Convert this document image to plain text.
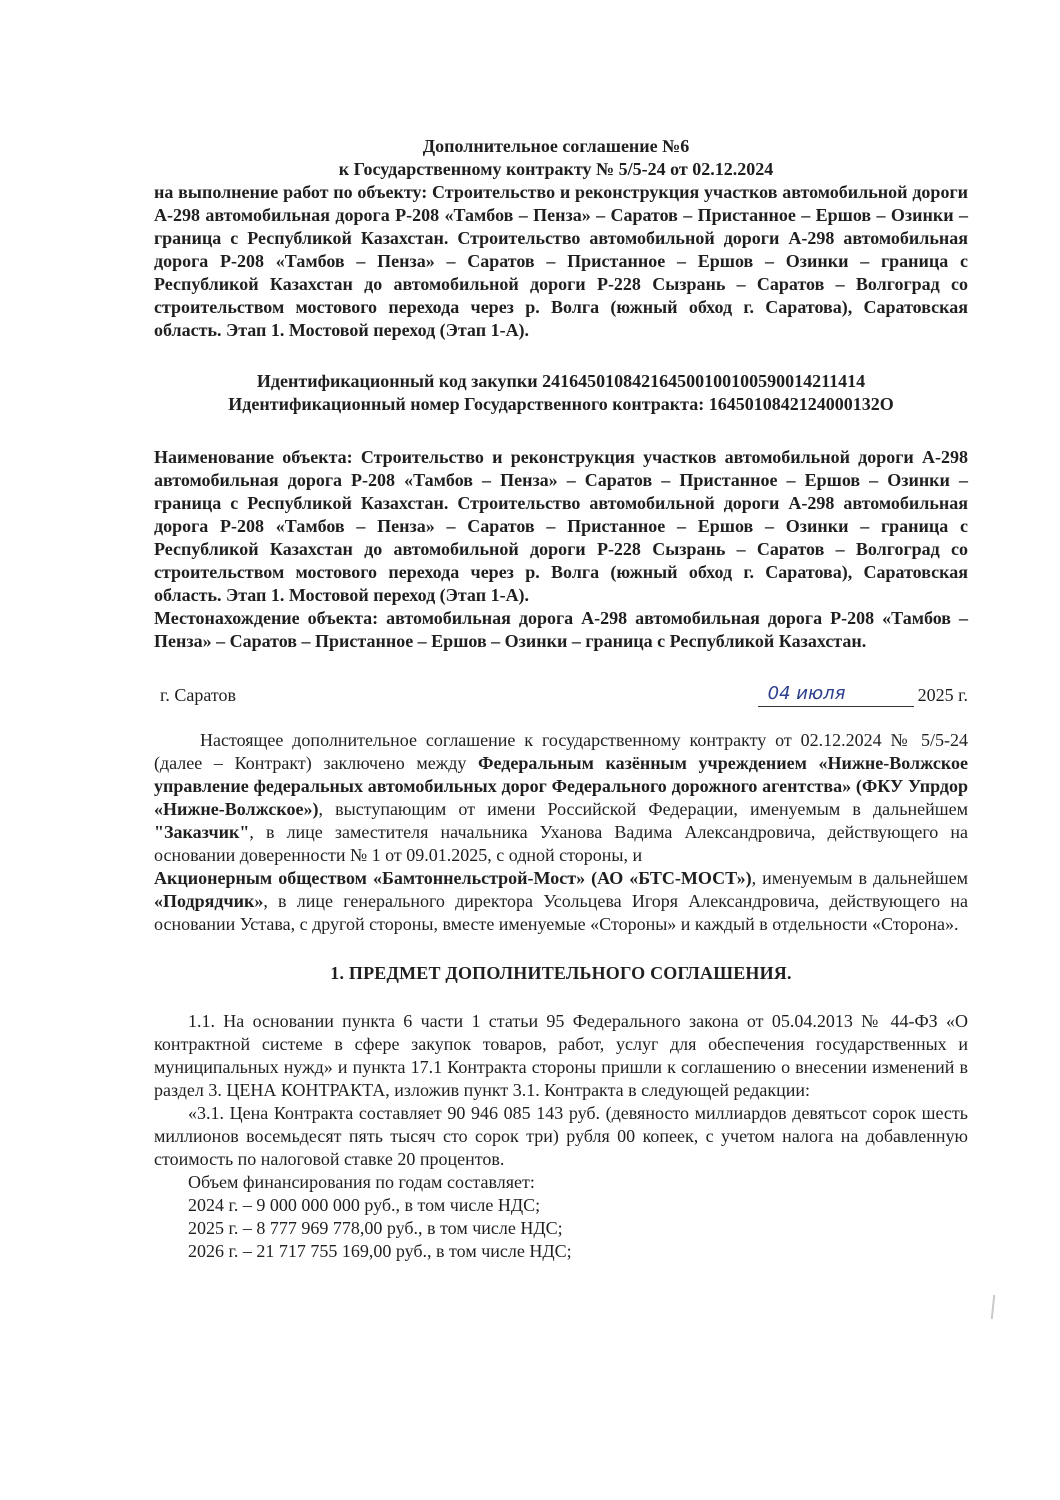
Дополнительное соглашение №6
к Государственному контракту № 5/5-24 от 02.12.2024

на выполнение работ по объекту: Строительство и реконструкция участков автомобильной дороги А-298 автомобильная дорога Р-208 «Тамбов – Пенза» – Саратов – Пристанное – Ершов – Озинки – граница с Республикой Казахстан. Строительство автомобильной дороги А-298 автомобильная дорога Р-208 «Тамбов – Пенза» – Саратов – Пристанное – Ершов – Озинки – граница с Республикой Казахстан до автомобильной дороги Р-228 Сызрань – Саратов – Волгоград со строительством мостового перехода через р. Волга (южный обход г. Саратова), Саратовская область. Этап 1. Мостовой переход (Этап 1-А).

Идентификационный код закупки 241645010842164500100100590014211414
Идентификационный номер Государственного контракта: 1645010842124000132О

Наименование объекта: Строительство и реконструкция участков автомобильной дороги А-298 автомобильная дорога Р-208 «Тамбов – Пенза» – Саратов – Пристанное – Ершов – Озинки – граница с Республикой Казахстан. Строительство автомобильной дороги А-298 автомобильная дорога Р-208 «Тамбов – Пенза» – Саратов – Пристанное – Ершов – Озинки – граница с Республикой Казахстан до автомобильной дороги Р-228 Сызрань – Саратов – Волгоград со строительством мостового перехода через р. Волга (южный обход г. Саратова), Саратовская область. Этап 1. Мостовой переход (Этап 1-А).

Местонахождение объекта: автомобильная дорога А-298 автомобильная дорога Р-208 «Тамбов – Пенза» – Саратов – Пристанное – Ершов – Озинки – граница с Республикой Казахстан.

г. Саратов	04 июля	2025 г.

Настоящее дополнительное соглашение к государственному контракту от 02.12.2024 № 5/5-24 (далее – Контракт) заключено между Федеральным казённым учреждением «Нижне-Волжское управление федеральных автомобильных дорог Федерального дорожного агентства» (ФКУ Упрдор «Нижне-Волжское»), выступающим от имени Российской Федерации, именуемым в дальнейшем "Заказчик", в лице заместителя начальника Уханова Вадима Александровича, действующего на основании доверенности № 1 от 09.01.2025, с одной стороны, и

Акционерным обществом «Бамтоннельстрой-Мост» (АО «БТС-МОСТ»), именуемым в дальнейшем «Подрядчик», в лице генерального директора Усольцева Игоря Александровича, действующего на основании Устава, с другой стороны, вместе именуемые «Стороны» и каждый в отдельности «Сторона».

1. ПРЕДМЕТ ДОПОЛНИТЕЛЬНОГО СОГЛАШЕНИЯ.

1.1. На основании пункта 6 части 1 статьи 95 Федерального закона от 05.04.2013 № 44-ФЗ «О контрактной системе в сфере закупок товаров, работ, услуг для обеспечения государственных и муниципальных нужд» и пункта 17.1 Контракта стороны пришли к соглашению о внесении изменений в раздел 3. ЦЕНА КОНТРАКТА, изложив пункт 3.1. Контракта в следующей редакции:

«3.1. Цена Контракта составляет 90 946 085 143 руб. (девяносто миллиардов девятьсот сорок шесть миллионов восемьдесят пять тысяч сто сорок три) рубля 00 копеек, с учетом налога на добавленную стоимость по налоговой ставке 20 процентов.

Объем финансирования по годам составляет:
2024 г. – 9 000 000 000 руб., в том числе НДС;
2025 г. – 8 777 969 778,00 руб., в том числе НДС;
2026 г. – 21 717 755 169,00 руб., в том числе НДС;
